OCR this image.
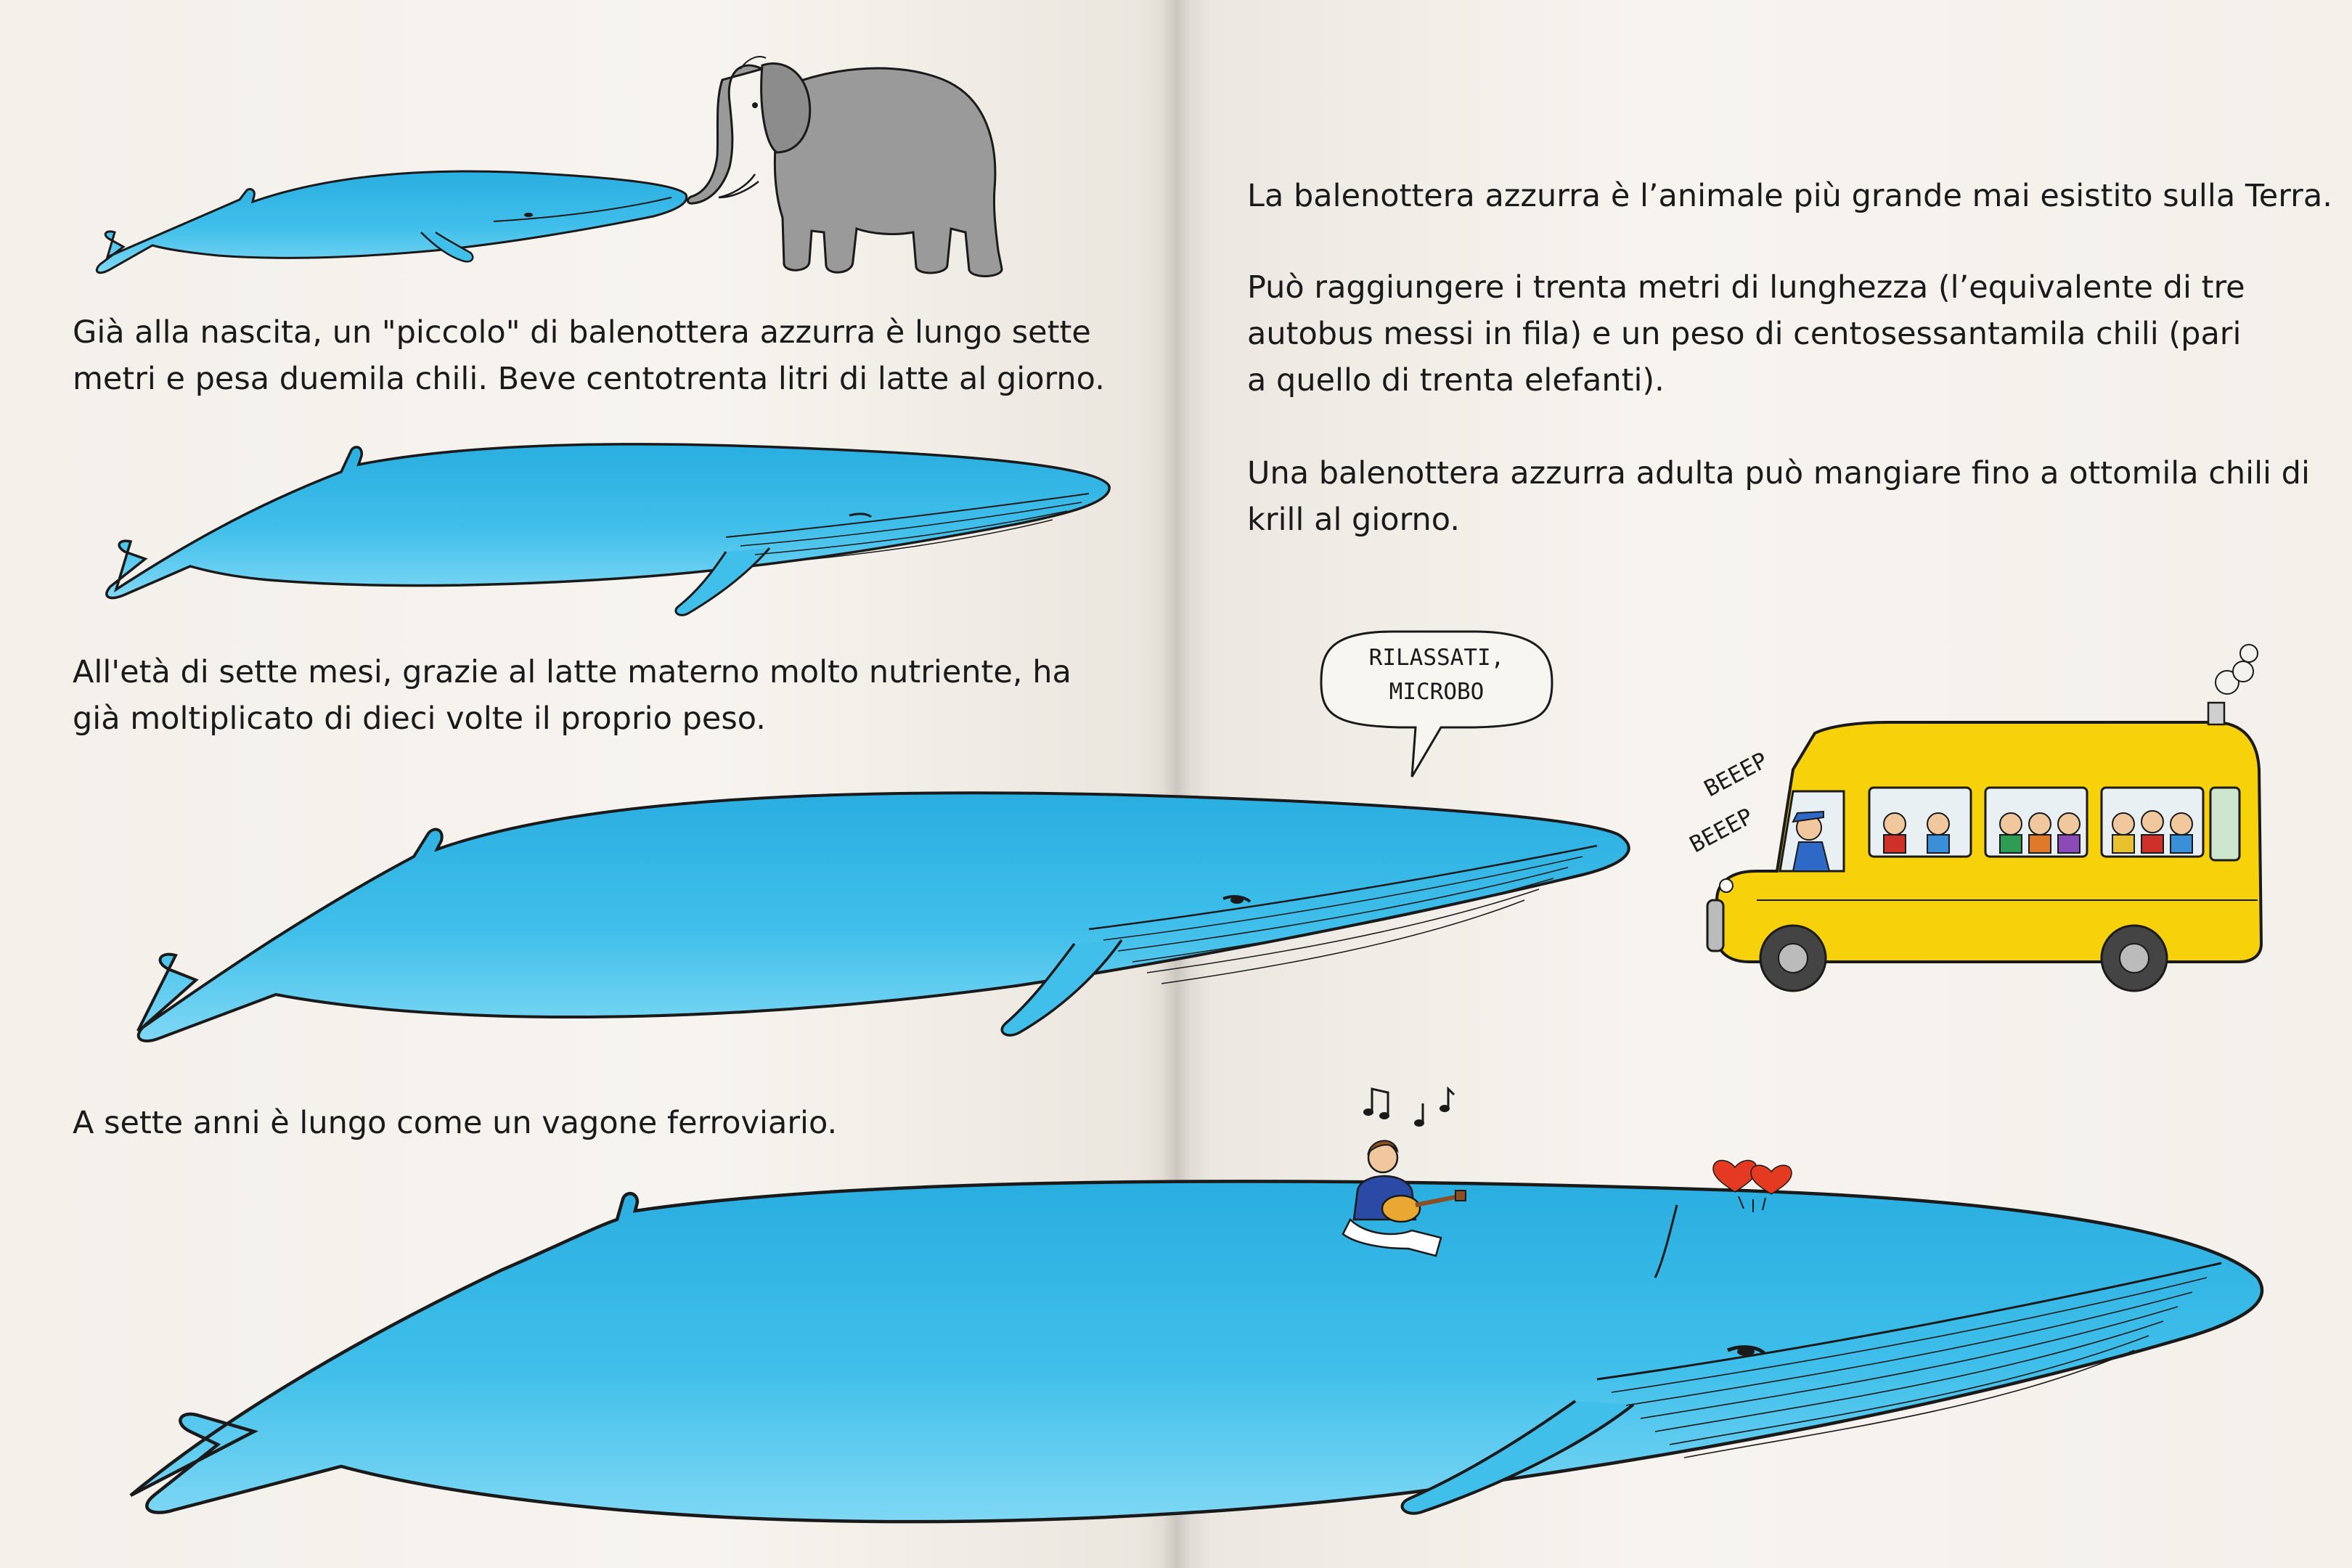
Già alla nascita, un "piccolo" di balenottera azzurra è lungo sette
metri e pesa duemila chili. Beve centotrenta litri di latte al giorno.

All'età di sette mesi, grazie al latte materno molto nutriente, ha
già moltiplicato di dieci volte il proprio peso.

A sette anni è lungo come un vagone ferroviario.

La balenottera azzurra è l’animale più grande mai esistito sulla Terra.

Può raggiungere i trenta metri di lunghezza (l’equivalente di tre
autobus messi in fila) e un peso di centosessantamila chili (pari
a quello di trenta elefanti).

Una balenottera azzurra adulta può mangiare fino a ottomila chili di
krill al giorno.

RILASSATI,
MICROBO
BEEEP
BEEEP
